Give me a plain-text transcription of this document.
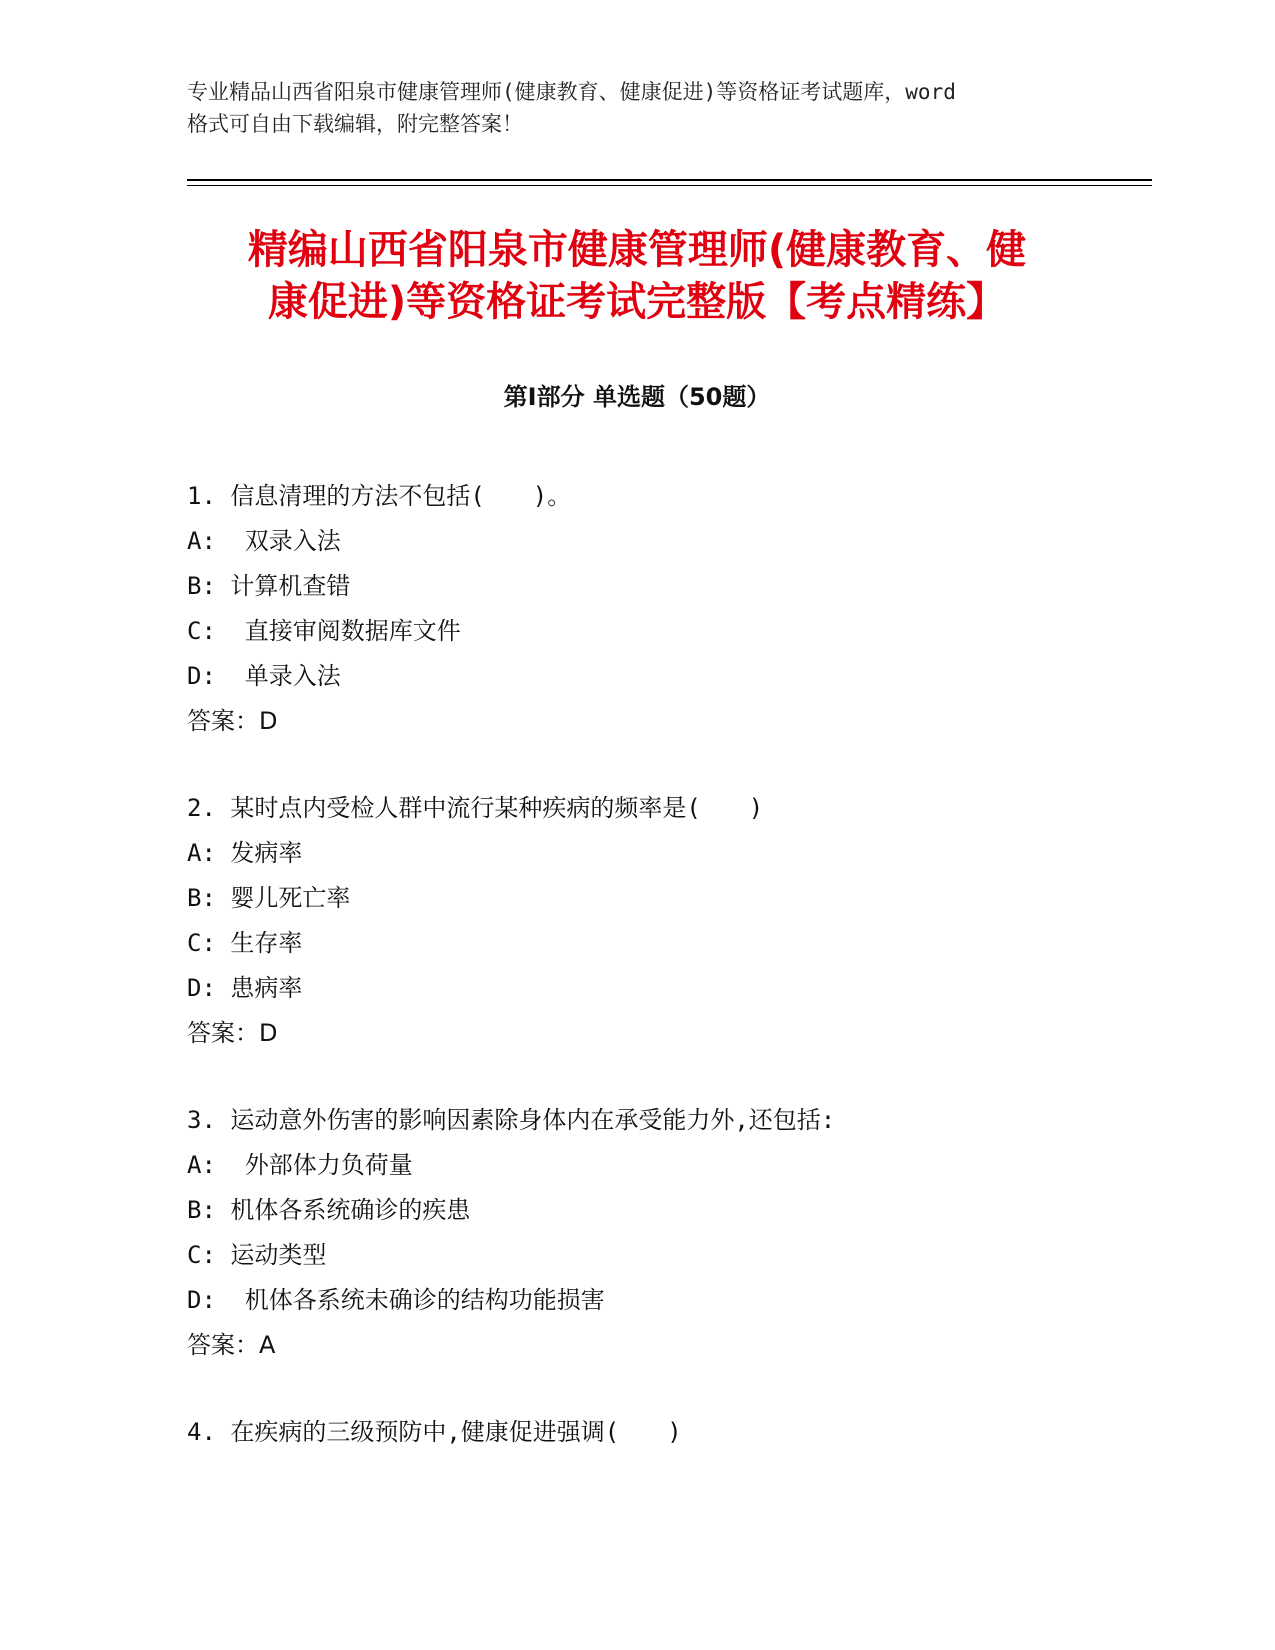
专业精品山西省阳泉市健康管理师(健康教育、健康促进)等资格证考试题库，word
格式可自由下载编辑，附完整答案！
精编山西省阳泉市健康管理师(健康教育、健
康促进)等资格证考试完整版【考点精练】
第Ⅰ部分 单选题（50题）
1. 信息清理的方法不包括(　　)。
A:  双录入法
B: 计算机查错
C:  直接审阅数据库文件
D:  单录入法
答案：D
2. 某时点内受检人群中流行某种疾病的频率是(　　)
A: 发病率
B: 婴儿死亡率
C: 生存率
D: 患病率
答案：D
3. 运动意外伤害的影响因素除身体内在承受能力外,还包括:
A:  外部体力负荷量
B: 机体各系统确诊的疾患
C: 运动类型
D:  机体各系统未确诊的结构功能损害
答案：A
4. 在疾病的三级预防中,健康促进强调(　　)
